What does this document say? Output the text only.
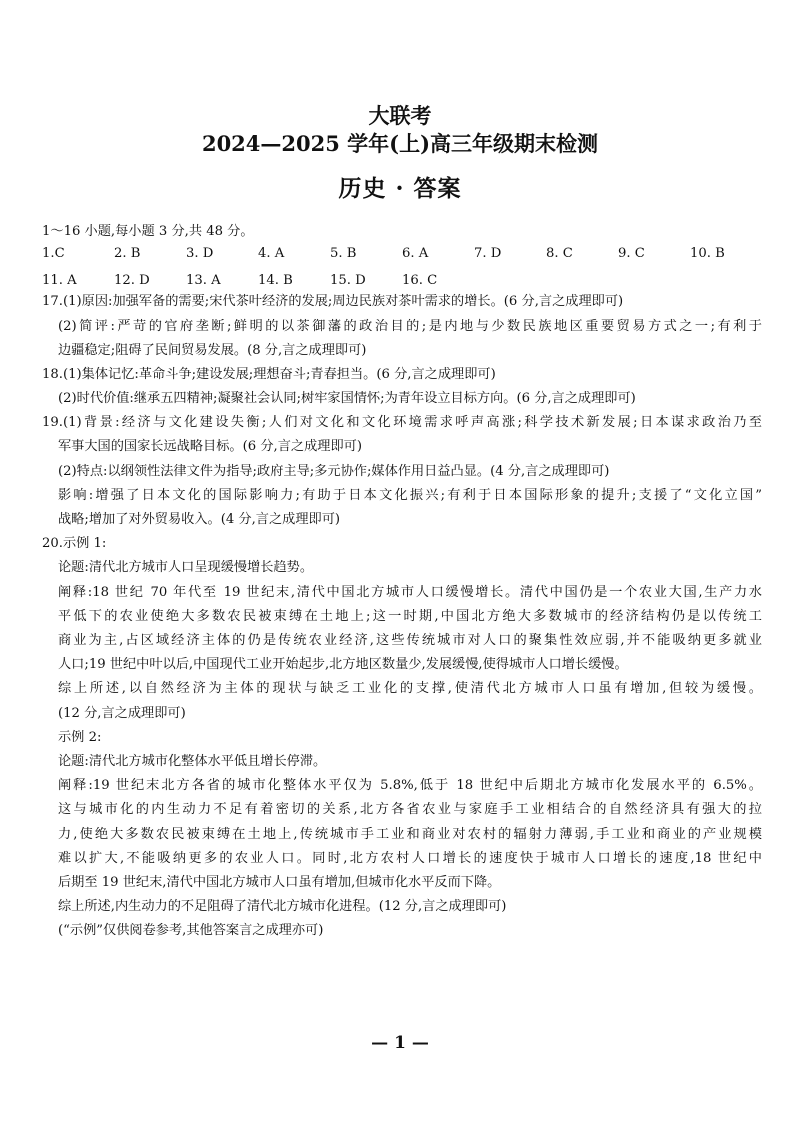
大联考
2024—2025 学年(上)高三年级期末检测
历史 · 答案
1～16 小题,每小题 3 分,共 48 分。
1.C	2. B	3. D	4. A	5. B	6. A	7. D	8. C	9. C	10. B
11. A	12. D	13. A	14. B	15. D	16. C
17.(1)原因:加强军备的需要;宋代茶叶经济的发展;周边民族对茶叶需求的增长。(6 分,言之成理即可)
(2)简评:严苛的官府垄断;鲜明的以茶御藩的政治目的;是内地与少数民族地区重要贸易方式之一;有利于
边疆稳定;阻碍了民间贸易发展。(8 分,言之成理即可)
18.(1)集体记忆:革命斗争;建设发展;理想奋斗;青春担当。(6 分,言之成理即可)
(2)时代价值:继承五四精神;凝聚社会认同;树牢家国情怀;为青年设立目标方向。(6 分,言之成理即可)
19.(1)背景:经济与文化建设失衡;人们对文化和文化环境需求呼声高涨;科学技术新发展;日本谋求政治乃至
军事大国的国家长远战略目标。(6 分,言之成理即可)
(2)特点:以纲领性法律文件为指导;政府主导;多元协作;媒体作用日益凸显。(4 分,言之成理即可)
影响:增强了日本文化的国际影响力;有助于日本文化振兴;有利于日本国际形象的提升;支援了“文化立国”
战略;增加了对外贸易收入。(4 分,言之成理即可)
20.示例 1:
论题:清代北方城市人口呈现缓慢增长趋势。
阐释:18 世纪 70 年代至 19 世纪末,清代中国北方城市人口缓慢增长。清代中国仍是一个农业大国,生产力水
平低下的农业使绝大多数农民被束缚在土地上;这一时期,中国北方绝大多数城市的经济结构仍是以传统工
商业为主,占区域经济主体的仍是传统农业经济,这些传统城市对人口的聚集性效应弱,并不能吸纳更多就业
人口;19 世纪中叶以后,中国现代工业开始起步,北方地区数量少,发展缓慢,使得城市人口增长缓慢。
综上所述,以自然经济为主体的现状与缺乏工业化的支撑,使清代北方城市人口虽有增加,但较为缓慢。
(12 分,言之成理即可)
示例 2:
论题:清代北方城市化整体水平低且增长停滞。
阐释:19 世纪末北方各省的城市化整体水平仅为 5.8%,低于 18 世纪中后期北方城市化发展水平的 6.5%。
这与城市化的内生动力不足有着密切的关系,北方各省农业与家庭手工业相结合的自然经济具有强大的拉
力,使绝大多数农民被束缚在土地上,传统城市手工业和商业对农村的辐射力薄弱,手工业和商业的产业规模
难以扩大,不能吸纳更多的农业人口。同时,北方农村人口增长的速度快于城市人口增长的速度,18 世纪中
后期至 19 世纪末,清代中国北方城市人口虽有增加,但城市化水平反而下降。
综上所述,内生动力的不足阻碍了清代北方城市化进程。(12 分,言之成理即可)
(“示例”仅供阅卷参考,其他答案言之成理亦可)
— 1 —
